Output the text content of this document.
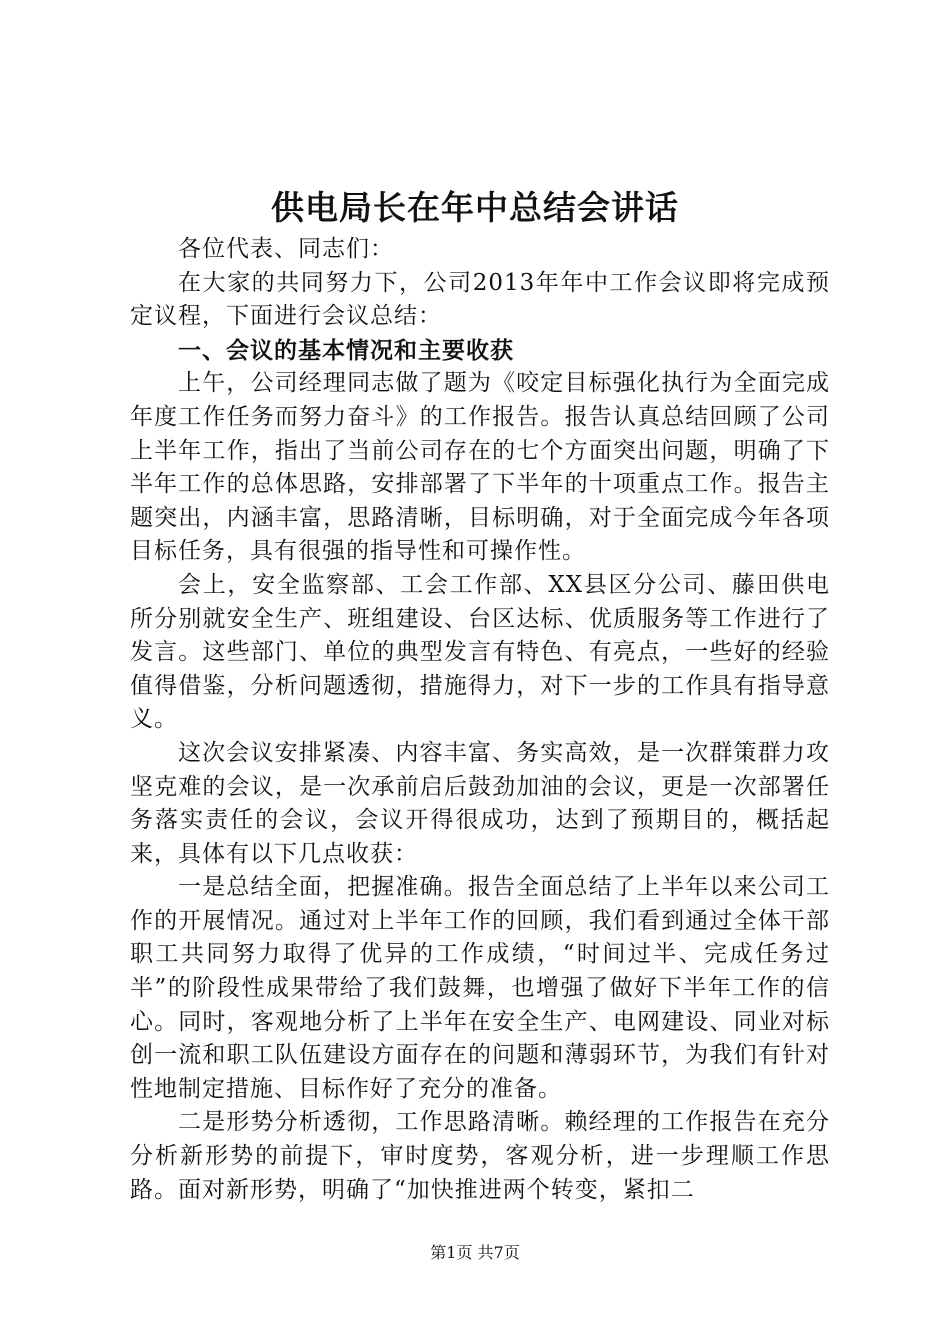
供电局长在年中总结会讲话

各位代表、同志们：

在大家的共同努力下，公司2013年年中工作会议即将完成预定议程，下面进行会议总结：

一、会议的基本情况和主要收获

上午，公司经理同志做了题为《咬定目标强化执行为全面完成年度工作任务而努力奋斗》的工作报告。报告认真总结回顾了公司上半年工作，指出了当前公司存在的七个方面突出问题，明确了下半年工作的总体思路，安排部署了下半年的十项重点工作。报告主题突出，内涵丰富，思路清晰，目标明确，对于全面完成今年各项目标任务，具有很强的指导性和可操作性。

会上，安全监察部、工会工作部、XX县区分公司、藤田供电所分别就安全生产、班组建设、台区达标、优质服务等工作进行了发言。这些部门、单位的典型发言有特色、有亮点，一些好的经验值得借鉴，分析问题透彻，措施得力，对下一步的工作具有指导意义。

这次会议安排紧凑、内容丰富、务实高效，是一次群策群力攻坚克难的会议，是一次承前启后鼓劲加油的会议，更是一次部署任务落实责任的会议，会议开得很成功，达到了预期目的，概括起来，具体有以下几点收获：

一是总结全面，把握准确。报告全面总结了上半年以来公司工作的开展情况。通过对上半年工作的回顾，我们看到通过全体干部职工共同努力取得了优异的工作成绩，“时间过半、完成任务过半”的阶段性成果带给了我们鼓舞，也增强了做好下半年工作的信心。同时，客观地分析了上半年在安全生产、电网建设、同业对标创一流和职工队伍建设方面存在的问题和薄弱环节，为我们有针对性地制定措施、目标作好了充分的准备。

二是形势分析透彻，工作思路清晰。赖经理的工作报告在充分分析新形势的前提下，审时度势，客观分析，进一步理顺工作思路。面对新形势，明确了“加快推进两个转变，紧扣二

第1页 共7页
